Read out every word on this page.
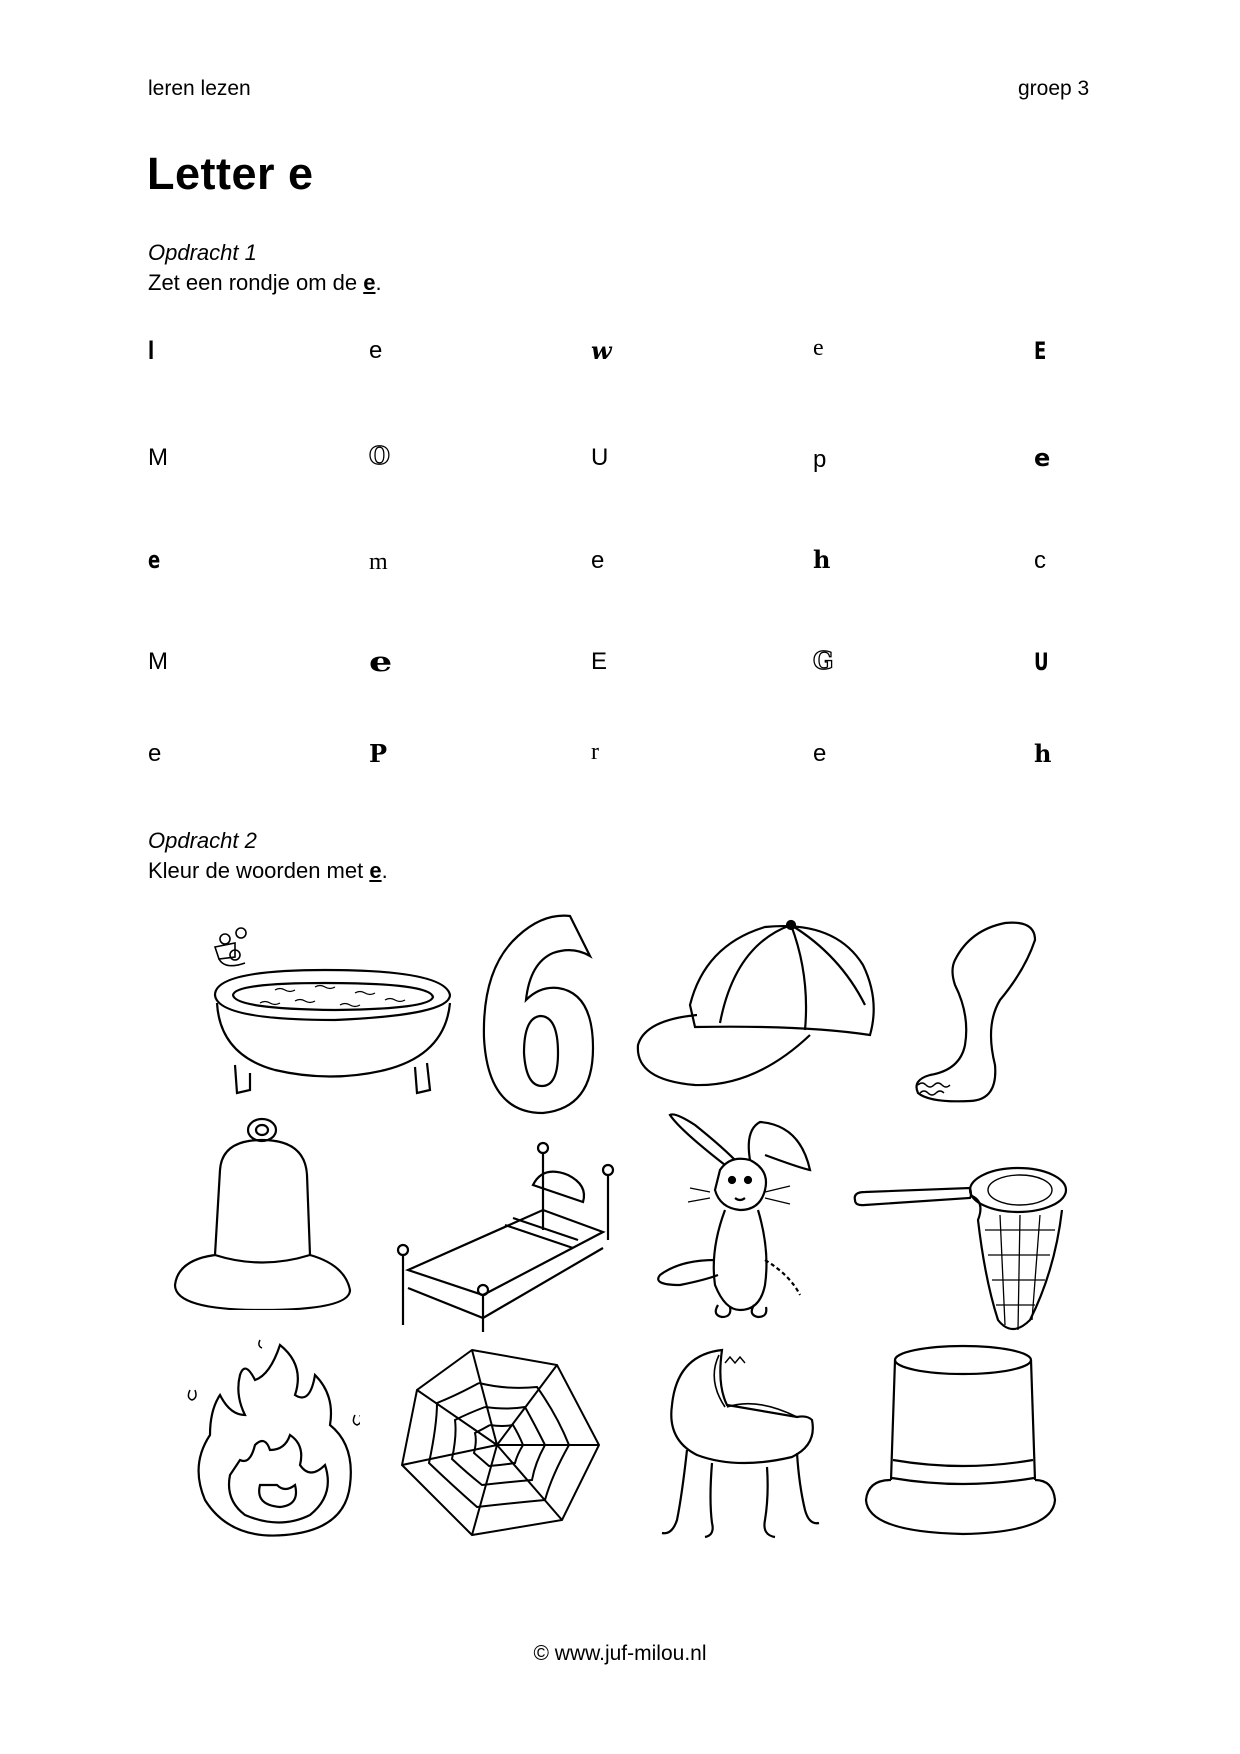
leren lezen	groep 3
Letter e
Opdracht 1
Zet een rondje om de e.
l	e	w	e	E
M	O	U	p	e
e	m	e	h	c
M	e	E	G	U
e	P	r	e	h
Opdracht 2
Kleur de woorden met e.
© www.juf-milou.nl
